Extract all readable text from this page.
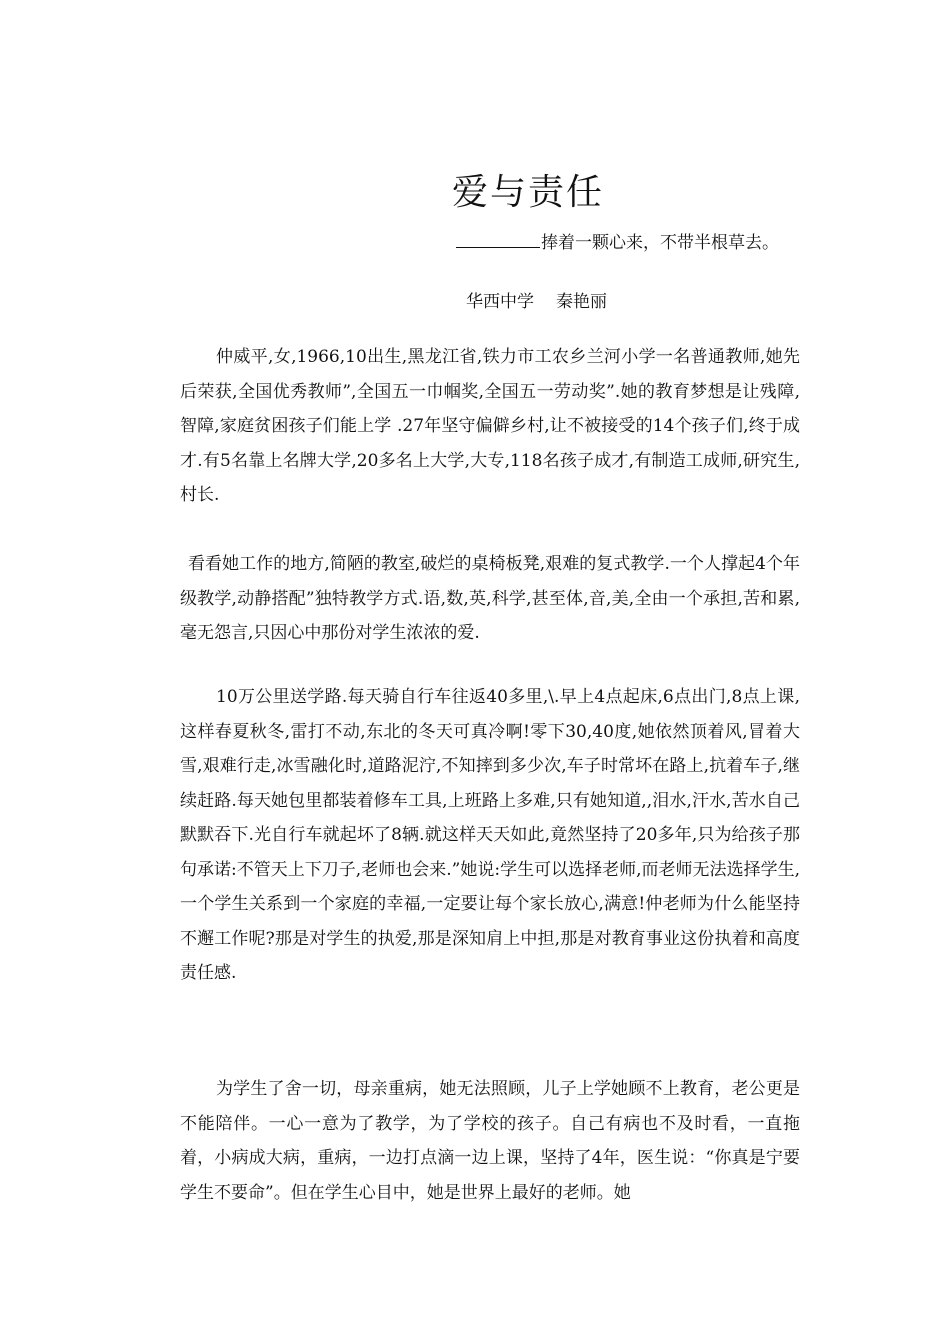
爱与责任
捧着一颗心来，不带半根草去。
华西中学 秦艳丽

仲威平,女,1966,10出生,黑龙江省,铁力市工农乡兰河小学一名普通教师,她先后荣获,全国优秀教师”,全国五一巾帼奖,全国五一劳动奖”.她的教育梦想是让残障,智障,家庭贫困孩子们能上学 .27年坚守偏僻乡村,让不被接受的14个孩子们,终于成才.有5名靠上名牌大学,20多名上大学,大专,118名孩子成才,有制造工成师,研究生,村长.

看看她工作的地方,简陋的教室,破烂的桌椅板凳,艰难的复式教学.一个人撑起4个年级教学,动静搭配”独特教学方式.语,数,英,科学,甚至体,音,美,全由一个承担,苦和累,毫无怨言,只因心中那份对学生浓浓的爱.

10万公里送学路.每天骑自行车往返40多里,\.早上4点起床,6点出门,8点上课,这样春夏秋冬,雷打不动,东北的冬天可真冷啊!零下30,40度,她依然顶着风,冒着大雪,艰难行走,冰雪融化时,道路泥泞,不知摔到多少次,车子时常坏在路上,抗着车子,继续赶路.每天她包里都装着修车工具,上班路上多难,只有她知道,,泪水,汗水,苦水自己默默吞下.光自行车就起坏了8辆.就这样天天如此,竟然坚持了20多年,只为给孩子那句承诺:不管天上下刀子,老师也会来.”她说:学生可以选择老师,而老师无法选择学生,一个学生关系到一个家庭的幸福,一定要让每个家长放心,满意!仲老师为什么能坚持不邂工作呢?那是对学生的执爱,那是深知肩上中担,那是对教育事业这份执着和高度责任感.

为学生了舍一切，母亲重病，她无法照顾，儿子上学她顾不上教育，老公更是不能陪伴。一心一意为了教学，为了学校的孩子。自己有病也不及时看，一直拖着，小病成大病，重病，一边打点滴一边上课，坚持了4年，医生说：“你真是宁要学生不要命”。但在学生心目中，她是世界上最好的老师。她
